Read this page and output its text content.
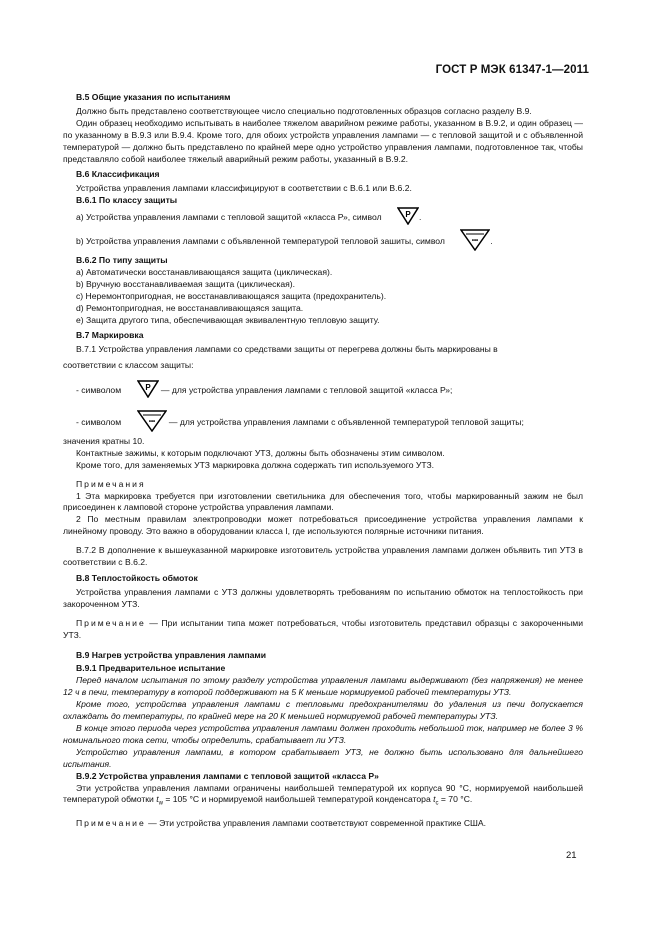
ГОСТ Р МЭК 61347-1—2011

В.5 Общие указания по испытаниям

Должно быть представлено соответствующее число специально подготовленных образцов согласно разделу В.9.

Один образец необходимо испытывать в наиболее тяжелом аварийном режиме работы, указанном в В.9.2, и один образец — по указанному в В.9.3 или В.9.4. Кроме того, для обоих устройств управления лампами — с тепловой защитой и с объявленной температурой — должно быть представлено по крайней мере одно устройство управления лампами, подготовленное так, чтобы представляло собой наиболее тяжелый аварийный режим работы, указанный в В.9.2.

В.6 Классификация

Устройства управления лампами классифицируют в соответствии с В.6.1 или В.6.2.

В.6.1 По классу защиты

a) Устройства управления лампами с тепловой защитой «класса Р», символ	P .

b) Устройства управления лампами с объявленной температурой тепловой зашиты, символ	••• .

В.6.2 По типу защиты

a) Автоматически восстанавливающаяся защита (циклическая).

b) Вручную восстанавливаемая защита (циклическая).

c) Неремонтопригодная, не восстанавливающаяся защита (предохранитель).

d) Ремонтопригодная, не восстанавливающаяся защита.

e) Защита другого типа, обеспечивающая эквивалентную тепловую защиту.

В.7 Маркировка

В.7.1 Устройства управления лампами со средствами защиты от перегрева должны быть маркированы в

соответствии с классом защиты:

- символом	P — для устройства управления лампами с тепловой защитой «класса Р»;

- символом	••• — для устройства управления лампами с объявленной температурой тепловой защиты;

значения кратны 10.

Контактные зажимы, к которым подключают УТЗ, должны быть обозначены этим символом.

Кроме того, для заменяемых УТЗ маркировка должна содержать тип используемого УТЗ.

Примечания

1 Эта маркировка требуется при изготовлении светильника для обеспечения того, чтобы маркированный зажим не был присоединен к ламповой стороне устройства управления лампами.

2 По местным правилам электропроводки может потребоваться присоединение устройства управления лампами к линейному проводу. Это важно в оборудовании класса I, где используются полярные источники питания.

В.7.2 В дополнение к вышеуказанной маркировке изготовитель устройства управления лампами должен объявить тип УТЗ в соответствии с В.6.2.

В.8 Теплостойкость обмоток

Устройства управления лампами с УТЗ должны удовлетворять требованиям по испытанию обмоток на теплостойкость при закороченном УТЗ.

Примечание — При испытании типа может потребоваться, чтобы изготовитель представил образцы с закороченными УТЗ.

В.9 Нагрев устройства управления лампами

В.9.1 Предварительное испытание

Перед началом испытания по этому разделу устройства управления лампами выдерживают (без напряжения) не менее 12 ч в печи, температуру в которой поддерживают на 5 К меньше нормируемой рабочей температуры УТЗ.

Кроме того, устройства управления лампами с тепловыми предохранителями до удаления из печи допускается охлаждать до температуры, по крайней мере на 20 К меньшей нормируемой рабочей температуры УТЗ.

В конце этого периода через устройства управления лампами должен проходить небольшой ток, например не более 3 % номинального тока сети, чтобы определить, срабатывает ли УТЗ.

Устройство управления лампами, в котором срабатывает УТЗ, не должно быть использовано для дальнейшего испытания.

В.9.2 Устройства управления лампами с тепловой защитой «класса Р»

Эти устройства управления лампами ограничены наибольшей температурой их корпуса 90 °С, нормируемой наибольшей температурой обмотки $t_w = 105$ °С и нормируемой наибольшей температурой конденсатора $t_c = 70$ °С.

Примечание — Эти устройства управления лампами соответствуют современной практике США.

21
